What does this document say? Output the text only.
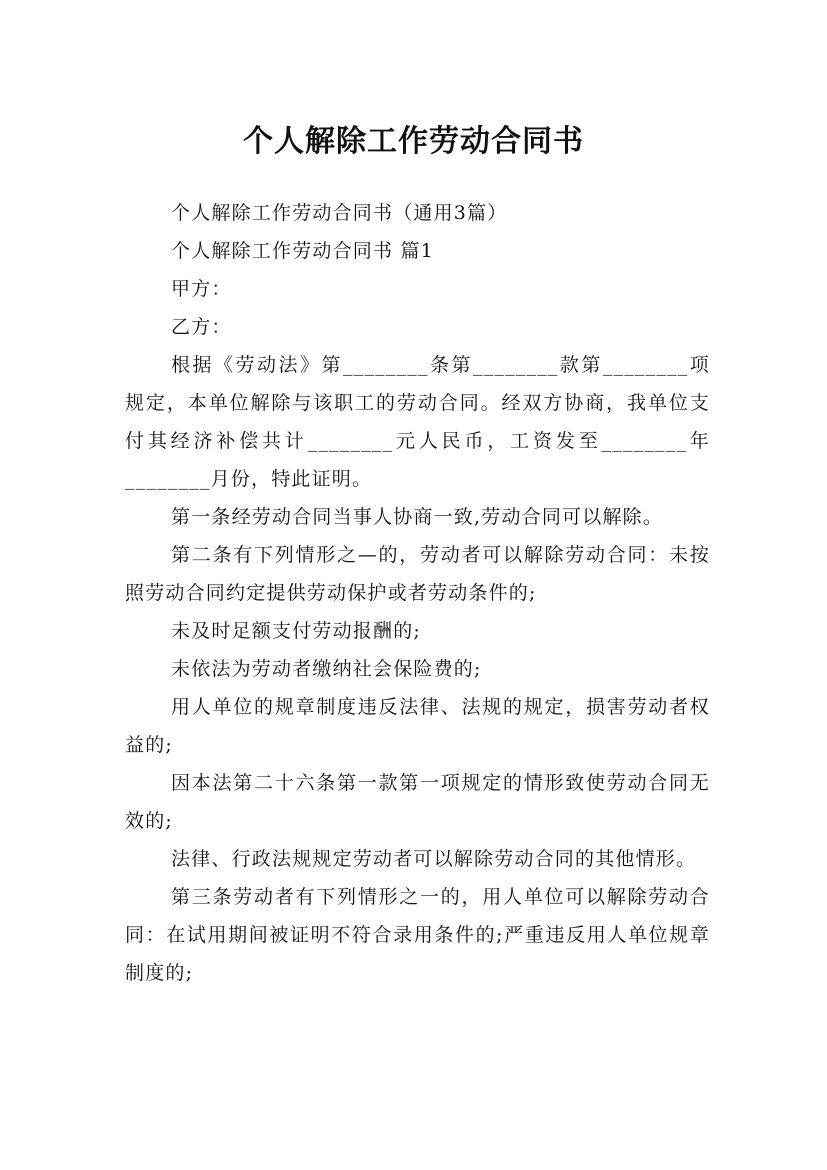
个人解除工作劳动合同书

个人解除工作劳动合同书（通用3篇）

个人解除工作劳动合同书 篇1

甲方：

乙方：

根据《劳动法》第________条第________款第________项规定，本单位解除与该职工的劳动合同。经双方协商，我单位支付其经济补偿共计________元人民币，工资发至________年________月份，特此证明。

第一条经劳动合同当事人协商一致,劳动合同可以解除。

第二条有下列情形之—的，劳动者可以解除劳动合同：未按照劳动合同约定提供劳动保护或者劳动条件的;

未及时足额支付劳动报酬的;

未依法为劳动者缴纳社会保险费的;

用人单位的规章制度违反法律、法规的规定，损害劳动者权益的;

因本法第二十六条第一款第一项规定的情形致使劳动合同无效的;

法律、行政法规规定劳动者可以解除劳动合同的其他情形。

第三条劳动者有下列情形之一的，用人单位可以解除劳动合同：在试用期间被证明不符合录用条件的;严重违反用人单位规章制度的;
